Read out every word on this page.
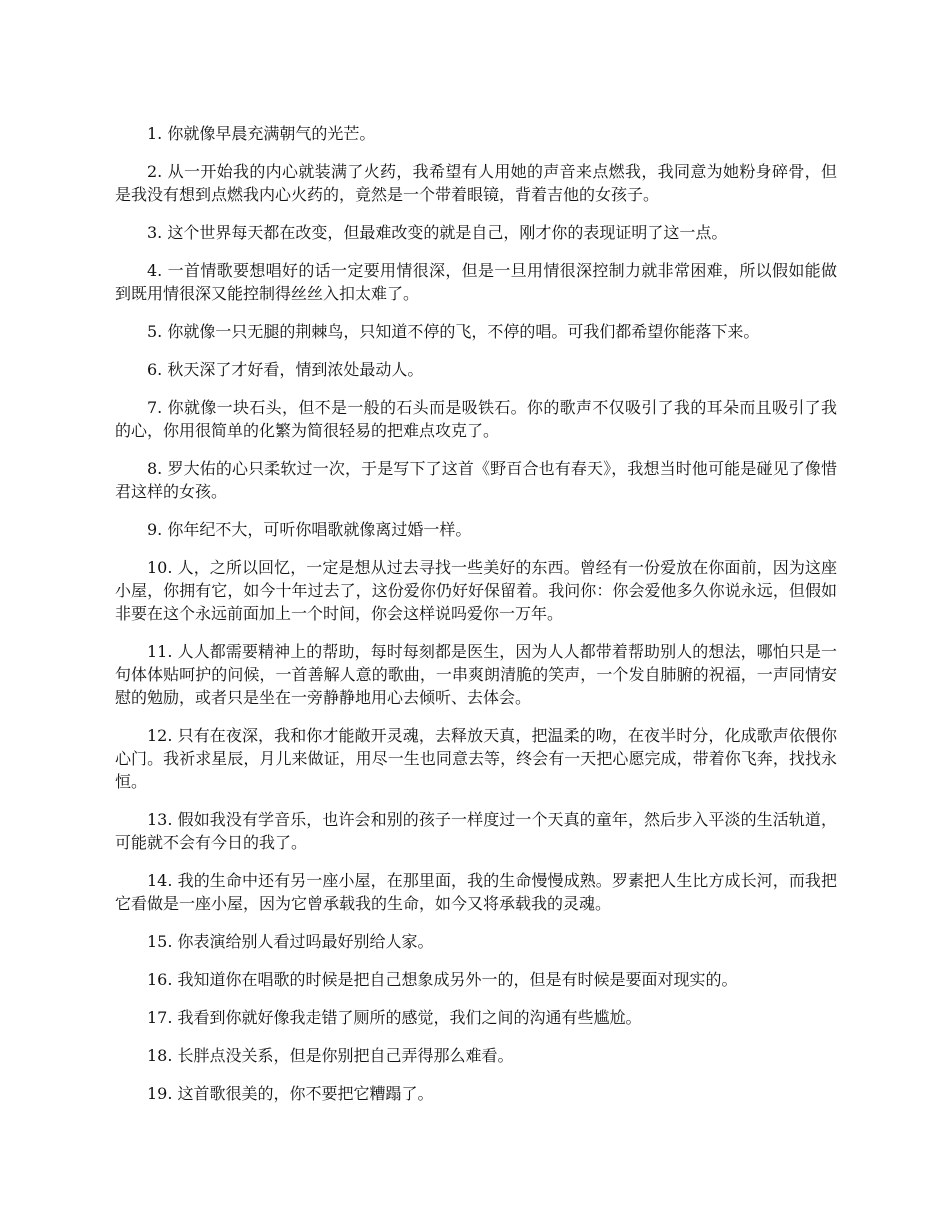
1. 你就像早晨充满朝气的光芒。

2. 从一开始我的内心就装满了火药，我希望有人用她的声音来点燃我，我同意为她粉身碎骨，但是我没有想到点燃我内心火药的，竟然是一个带着眼镜，背着吉他的女孩子。

3. 这个世界每天都在改变，但最难改变的就是自己，刚才你的表现证明了这一点。

4. 一首情歌要想唱好的话一定要用情很深，但是一旦用情很深控制力就非常困难，所以假如能做到既用情很深又能控制得丝丝入扣太难了。

5. 你就像一只无腿的荆棘鸟，只知道不停的飞，不停的唱。可我们都希望你能落下来。

6. 秋天深了才好看，情到浓处最动人。

7. 你就像一块石头，但不是一般的石头而是吸铁石。你的歌声不仅吸引了我的耳朵而且吸引了我的心，你用很简单的化繁为简很轻易的把难点攻克了。

8. 罗大佑的心只柔软过一次，于是写下了这首《野百合也有春天》，我想当时他可能是碰见了像惜君这样的女孩。

9. 你年纪不大，可听你唱歌就像离过婚一样。

10. 人，之所以回忆，一定是想从过去寻找一些美好的东西。曾经有一份爱放在你面前，因为这座小屋，你拥有它，如今十年过去了，这份爱你仍好好保留着。我问你：你会爱他多久你说永远，但假如非要在这个永远前面加上一个时间，你会这样说吗爱你一万年。

11. 人人都需要精神上的帮助，每时每刻都是医生，因为人人都带着帮助别人的想法，哪怕只是一句体体贴呵护的问候，一首善解人意的歌曲，一串爽朗清脆的笑声，一个发自肺腑的祝福，一声同情安慰的勉励，或者只是坐在一旁静静地用心去倾听、去体会。

12. 只有在夜深，我和你才能敞开灵魂，去释放天真，把温柔的吻，在夜半时分，化成歌声依偎你心门。我祈求星辰，月儿来做证，用尽一生也同意去等，终会有一天把心愿完成，带着你飞奔，找找永恒。

13. 假如我没有学音乐，也许会和别的孩子一样度过一个天真的童年，然后步入平淡的生活轨道，可能就不会有今日的我了。

14. 我的生命中还有另一座小屋，在那里面，我的生命慢慢成熟。罗素把人生比方成长河，而我把它看做是一座小屋，因为它曾承载我的生命，如今又将承载我的灵魂。

15. 你表演给别人看过吗最好别给人家。

16. 我知道你在唱歌的时候是把自己想象成另外一的，但是有时候是要面对现实的。

17. 我看到你就好像我走错了厕所的感觉，我们之间的沟通有些尴尬。

18. 长胖点没关系，但是你别把自己弄得那么难看。

19. 这首歌很美的，你不要把它糟蹋了。
